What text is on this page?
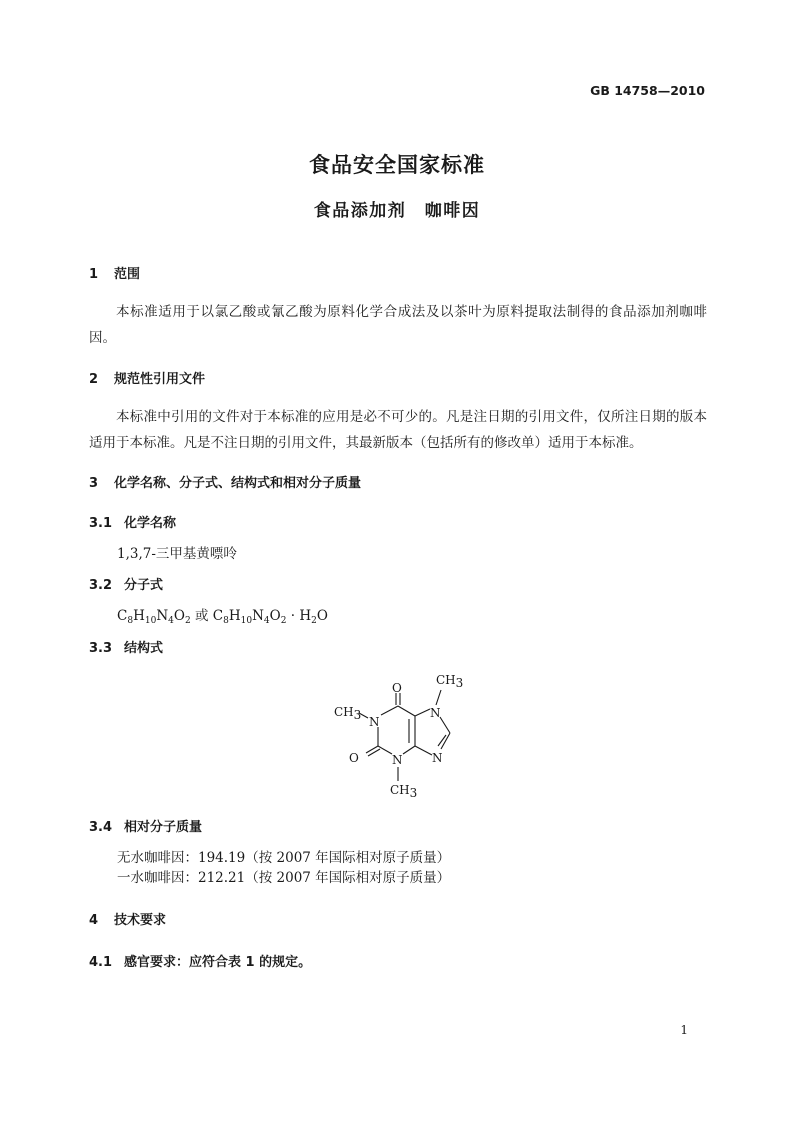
GB 14758—2010
食品安全国家标准
食品添加剂　咖啡因
1 范围
本标准适用于以氯乙酸或氰乙酸为原料化学合成法及以茶叶为原料提取法制得的食品添加剂咖啡因。
2 规范性引用文件
本标准中引用的文件对于本标准的应用是必不可少的。凡是注日期的引用文件，仅所注日期的版本适用于本标准。凡是不注日期的引用文件，其最新版本（包括所有的修改单）适用于本标准。
3 化学名称、分子式、结构式和相对分子质量
3.1 化学名称
1,3,7-三甲基黄嘌呤
3.2 分子式
$C_8H_{10}N_4O_2$ 或 $C_8H_{10}N_4O_2 \cdot H_2O$
3.3 结构式
O
CH3
CH3 N
N
O	N N
CH3
3.4 相对分子质量
无水咖啡因：194.19（按 2007 年国际相对原子质量）
一水咖啡因：212.21（按 2007 年国际相对原子质量）
4 技术要求
4.1 感官要求：应符合表 1 的规定。
1
